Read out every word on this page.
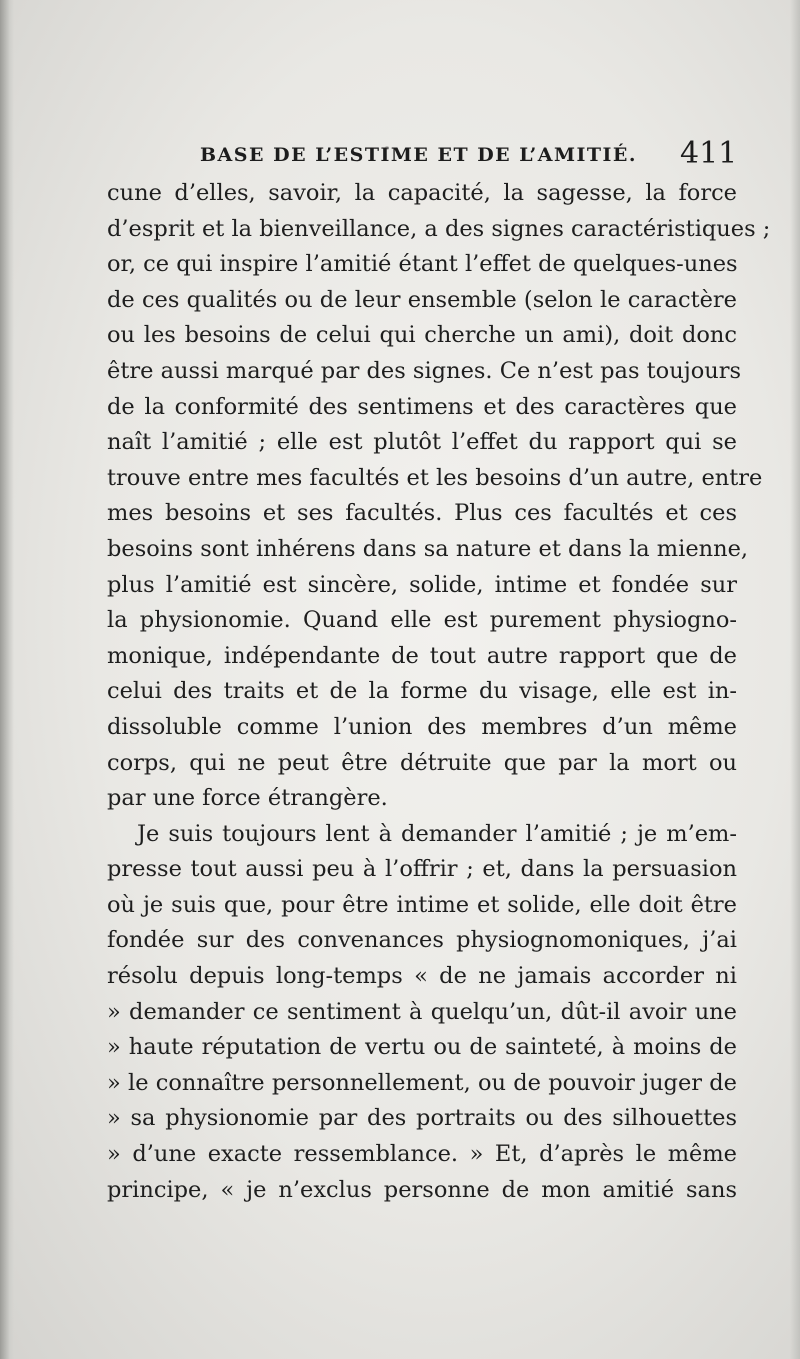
BASE DE L’ESTIME ET DE L’AMITIÉ. 411
cune d’elles, savoir, la capacité, la sagesse, la force
d’esprit et la bienveillance, a des signes caractéristiques ;
or, ce qui inspire l’amitié étant l’effet de quelques-unes
de ces qualités ou de leur ensemble (selon le caractère
ou les besoins de celui qui cherche un ami), doit donc
être aussi marqué par des signes. Ce n’est pas toujours
de la conformité des sentimens et des caractères que
naît l’amitié ; elle est plutôt l’effet du rapport qui se
trouve entre mes facultés et les besoins d’un autre, entre
mes besoins et ses facultés. Plus ces facultés et ces
besoins sont inhérens dans sa nature et dans la mienne,
plus l’amitié est sincère, solide, intime et fondée sur
la physionomie. Quand elle est purement physiogno-
monique, indépendante de tout autre rapport que de
celui des traits et de la forme du visage, elle est in-
dissoluble comme l’union des membres d’un même
corps, qui ne peut être détruite que par la mort ou
par une force étrangère.
Je suis toujours lent à demander l’amitié ; je m’em-
presse tout aussi peu à l’offrir ; et, dans la persuasion
où je suis que, pour être intime et solide, elle doit être
fondée sur des convenances physiognomoniques, j’ai
résolu depuis long-temps « de ne jamais accorder ni
» demander ce sentiment à quelqu’un, dût-il avoir une
» haute réputation de vertu ou de sainteté, à moins de
» le connaître personnellement, ou de pouvoir juger de
» sa physionomie par des portraits ou des silhouettes
» d’une exacte ressemblance. » Et, d’après le même
principe, « je n’exclus personne de mon amitié sans
